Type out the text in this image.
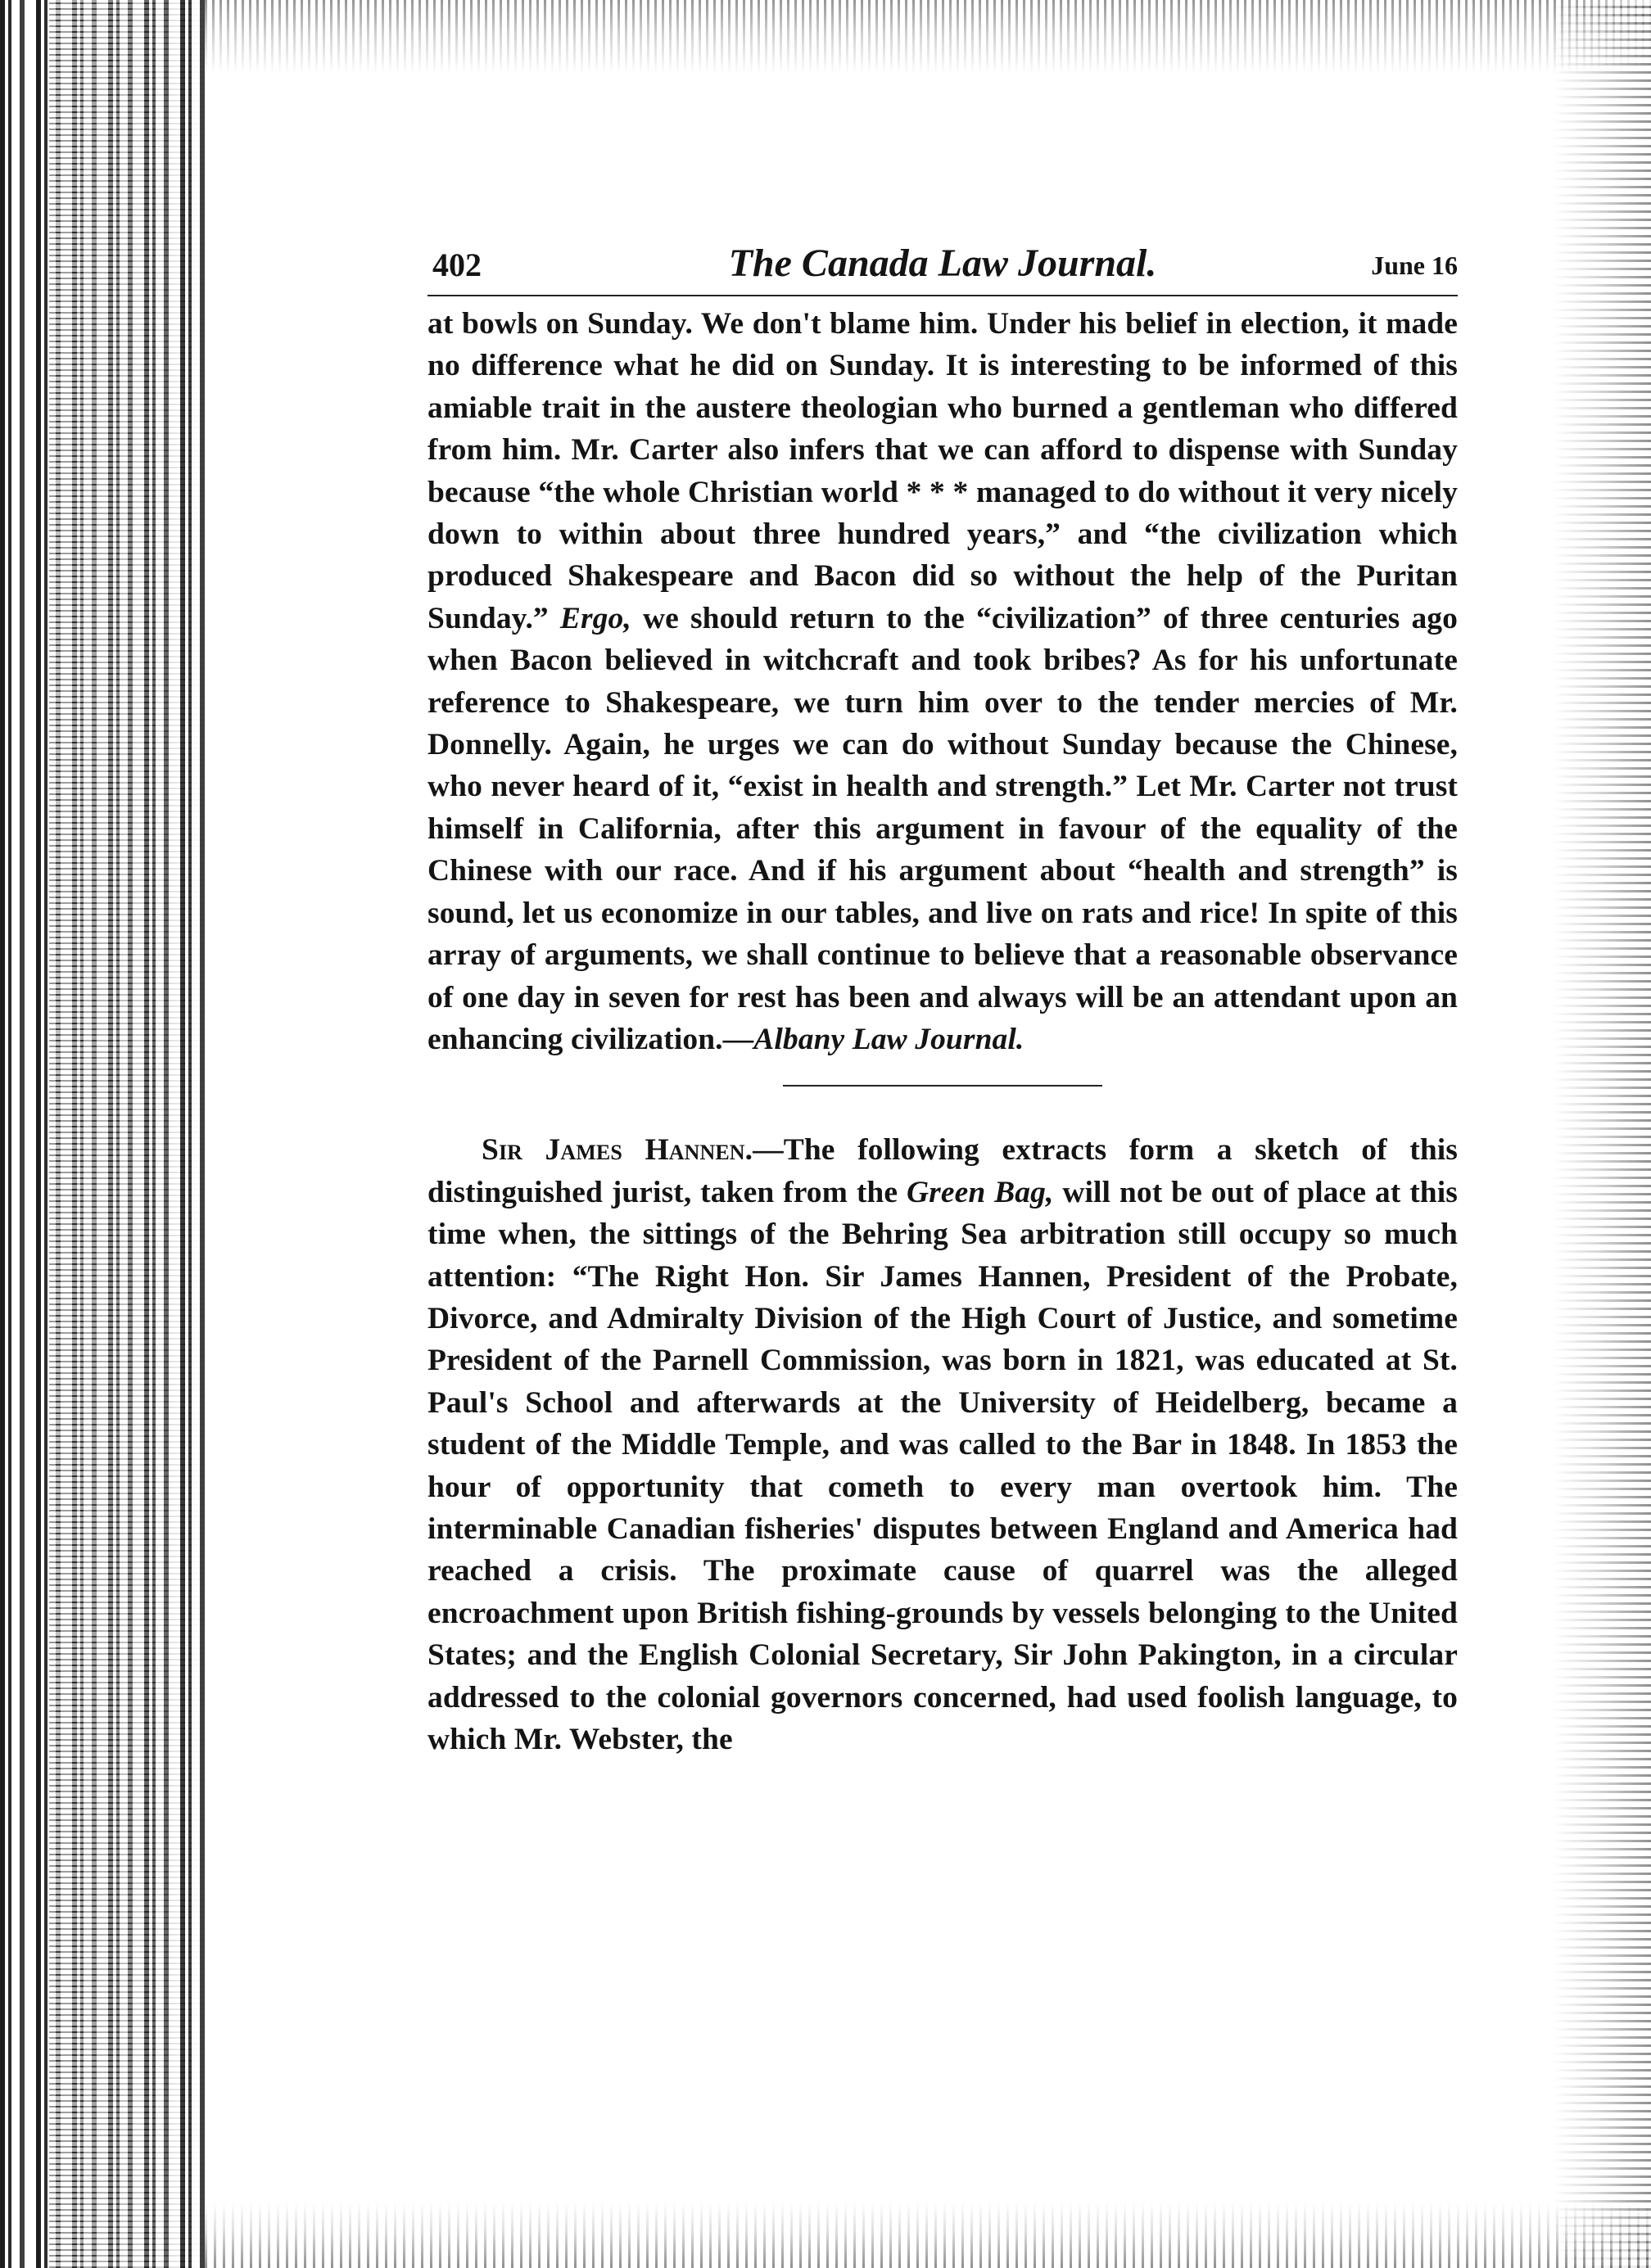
402	The Canada Law Journal.	June 16

at bowls on Sunday. We don't blame him. Under his belief in election, it made no difference what he did on Sunday. It is interesting to be informed of this amiable trait in the austere theologian who burned a gentleman who differed from him. Mr. Carter also infers that we can afford to dispense with Sunday because “the whole Christian world * * * managed to do without it very nicely down to within about three hundred years,” and “the civilization which produced Shakespeare and Bacon did so without the help of the Puritan Sunday.” Ergo, we should return to the “civilization” of three centuries ago when Bacon believed in witchcraft and took bribes? As for his unfortunate reference to Shakespeare, we turn him over to the tender mercies of Mr. Donnelly. Again, he urges we can do without Sunday because the Chinese, who never heard of it, “exist in health and strength.” Let Mr. Carter not trust himself in California, after this argument in favour of the equality of the Chinese with our race. And if his argument about “health and strength” is sound, let us economize in our tables, and live on rats and rice! In spite of this array of arguments, we shall continue to believe that a reasonable observance of one day in seven for rest has been and always will be an attendant upon an enhancing civilization.—Albany Law Journal.

Sir James Hannen.—The following extracts form a sketch of this distinguished jurist, taken from the Green Bag, will not be out of place at this time when, the sittings of the Behring Sea arbitration still occupy so much attention: “The Right Hon. Sir James Hannen, President of the Probate, Divorce, and Admiralty Division of the High Court of Justice, and sometime President of the Parnell Commission, was born in 1821, was educated at St. Paul's School and afterwards at the University of Heidelberg, became a student of the Middle Temple, and was called to the Bar in 1848. In 1853 the hour of opportunity that cometh to every man overtook him. The interminable Canadian fisheries' disputes between England and America had reached a crisis. The proximate cause of quarrel was the alleged encroachment upon British fishing-grounds by vessels belonging to the United States; and the English Colonial Secretary, Sir John Pakington, in a circular addressed to the colonial governors concerned, had used foolish language, to which Mr. Webster, the
